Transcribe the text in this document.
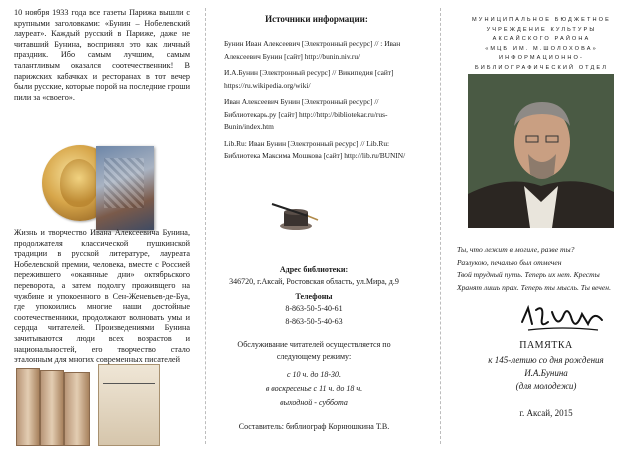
10 ноября 1933 года все газеты Парижа вышли с крупными заголовками: «Бунин – Нобелевский лауреат». Каждый русский в Париже, даже не читавший Бунина, воспринял это как личный праздник. Ибо самым лучшим, самым талантливым оказался соотечественник! В парижских кабачках и ресторанах в тот вечер были русские, которые порой на последние гроши пили за «своего».

Жизнь и творчество Ивана Алексеевича Бунина, продолжателя классической пушкинской традиции в русской литературе, лауреата Нобелевской премии, человека, вместе с Россией пережившего «окаянные дни» октябрьского переворота, а затем подолгу проживщего на чужбине и упокоенного в Сен-Женевьев-де-Буа, где упокоились многие наши достойные соотечественники, продолжают волновать умы и сердца читателей. Произведениями Бунина зачитываются люди всех возрастов и национальностей, его творчество стало эталонным для многих современных писателей

Источники информации:

Бунин Иван Алексеевич [Электронный ресурс] // : Иван Алексеевич Бунин [сайт] http://bunin.niv.ru/

И.А.Бунин [Электронный ресурс] // Википедия [сайт] https://ru.wikipedia.org/wiki/

Иван Алексеевич Бунин [Электронный ресурс] // Библиотекарь.ру [сайт] http://http://bibliotekar.ru/rus-Bunin/index.htm

Lib.Ru: Иван Бунин [Электронный ресурс] // Lib.Ru: Библиотека Максима Мошкова [сайт] http://lib.ru/BUNIN/

Адрес библиотеки:
346720, г.Аксай, Ростовская область, ул.Мира, д.9
Телефоны
8-863-50-5-40-61
8-863-50-5-40-63
Обслуживание читателей осуществляется по следующему режиму:
с 10 ч. до 18-30.
в воскресенье с 11 ч. до 18 ч.
выходной - суббота
Составитель: библиограф Корнюшкина Т.В.

МУНИЦИПАЛЬНОЕ БЮДЖЕТНОЕ

УЧРЕЖДЕНИЕ КУЛЬТУРЫ

АКСАЙСКОГО РАЙОНА

«МЦБ ИМ. М.ШОЛОХОВА»

ИНФОРМАЦИОННО-

БИБЛИОГРАФИЧЕСКИЙ ОТДЕЛ

Ты, что лежит в могиле, разве ты?
Разлукою, печалью был отмечен
Твой трудный путь. Теперь их нет. Кресты
Хранят лишь прах. Теперь ты мысль. Ты вечен.
ПАМЯТКА
к 145-летию со дня рождения
И.А.Бунина
(для молодежи)
г. Аксай, 2015
